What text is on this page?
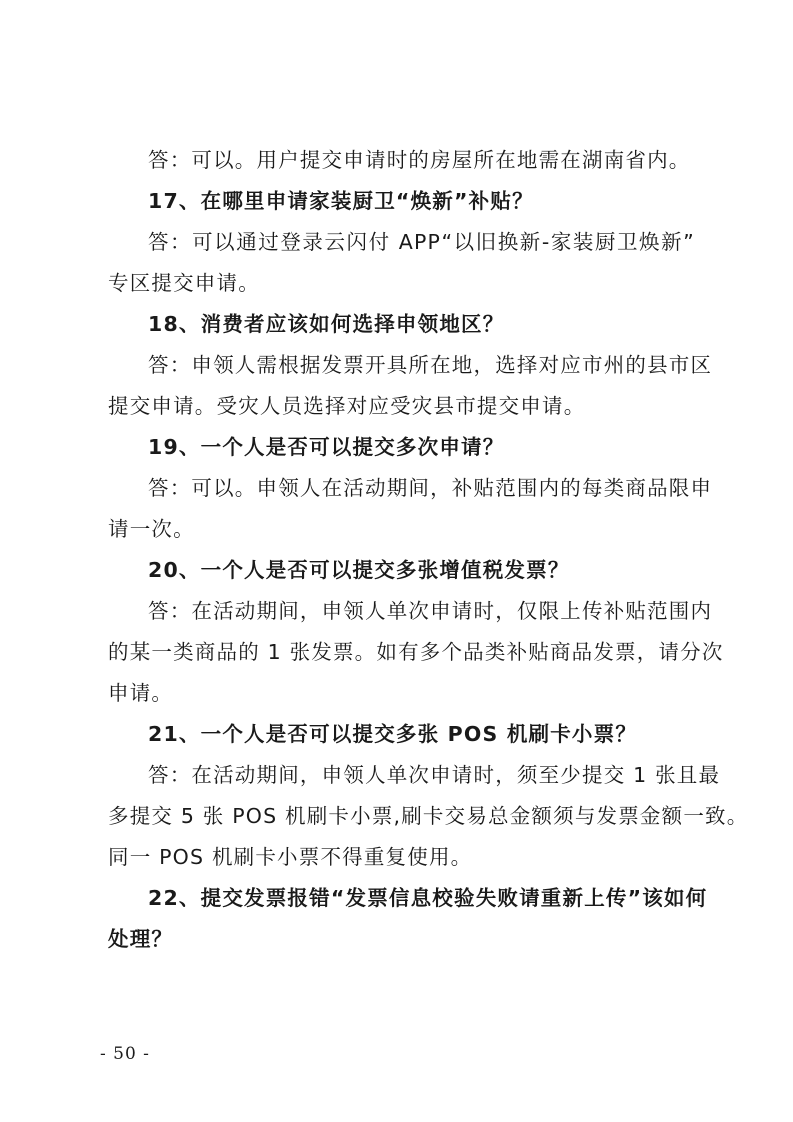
答：可以。用户提交申请时的房屋所在地需在湖南省内。
17、在哪里申请家装厨卫“焕新”补贴？
答：可以通过登录云闪付 APP“以旧换新-家装厨卫焕新”
专区提交申请。
18、消费者应该如何选择申领地区？
答：申领人需根据发票开具所在地，选择对应市州的县市区
提交申请。受灾人员选择对应受灾县市提交申请。
19、一个人是否可以提交多次申请？
答：可以。申领人在活动期间，补贴范围内的每类商品限申
请一次。
20、一个人是否可以提交多张增值税发票？
答：在活动期间，申领人单次申请时，仅限上传补贴范围内
的某一类商品的 1 张发票。如有多个品类补贴商品发票，请分次
申请。
21、一个人是否可以提交多张 POS 机刷卡小票？
答：在活动期间，申领人单次申请时，须至少提交 1 张且最
多提交 5 张 POS 机刷卡小票,刷卡交易总金额须与发票金额一致。
同一 POS 机刷卡小票不得重复使用。
22、提交发票报错“发票信息校验失败请重新上传”该如何
处理？
- 50 -
